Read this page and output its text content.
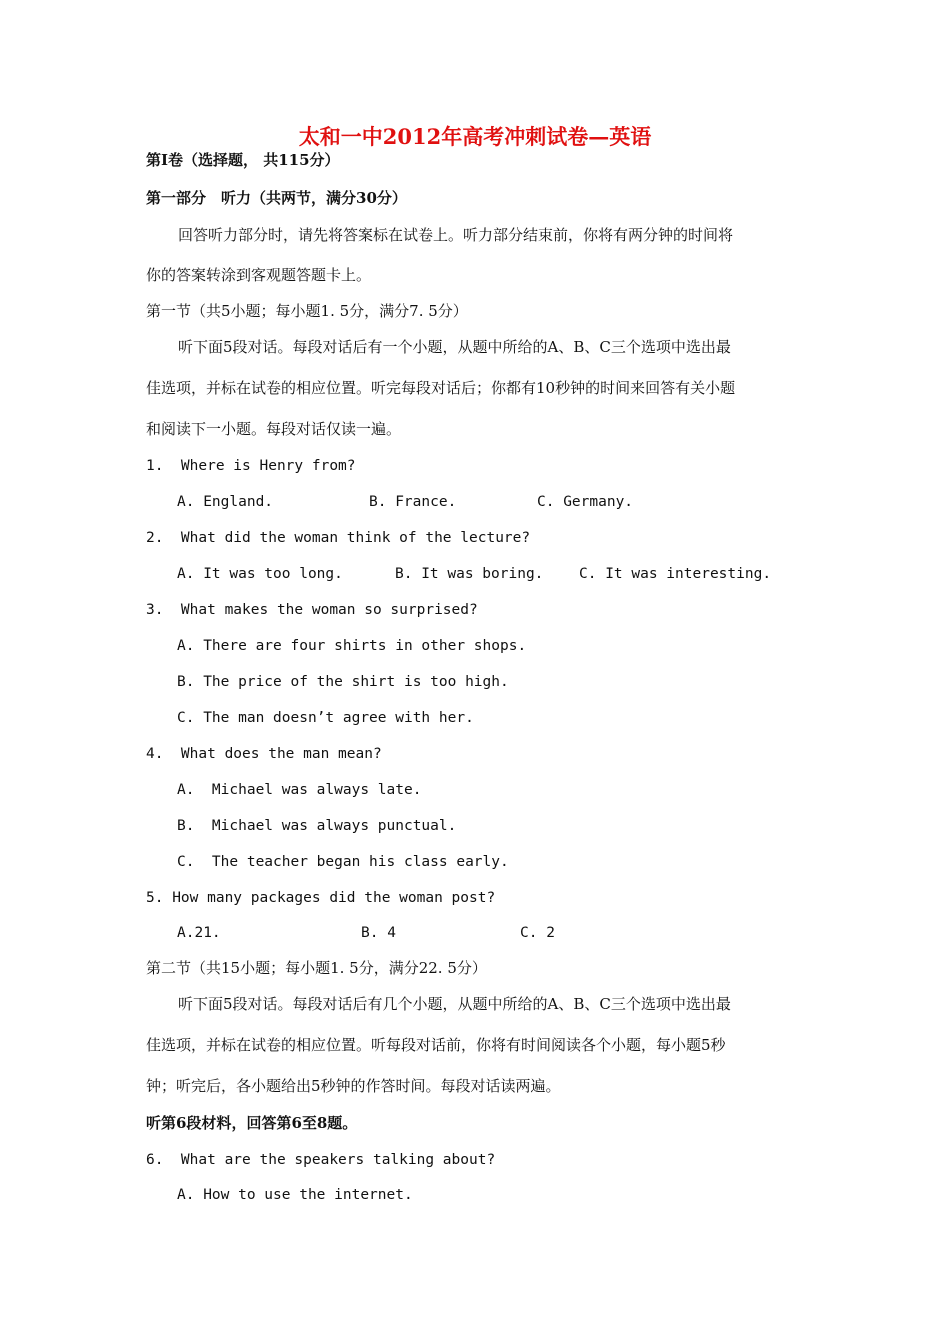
太和一中2012年高考冲刺试卷—英语
第Ⅰ卷（选择题， 共115分）
第一部分　听力（共两节，满分30分）
回答听力部分时，请先将答案标在试卷上。听力部分结束前，你将有两分钟的时间将
你的答案转涂到客观题答题卡上。
第一节（共5小题；每小题1. 5分，满分7. 5分）
听下面5段对话。每段对话后有一个小题，从题中所给的A、B、C三个选项中选出最
佳选项，并标在试卷的相应位置。听完每段对话后；你都有10秒钟的时间来回答有关小题
和阅读下一小题。每段对话仅读一遍。
1.  Where is Henry from?
A. England.	B. France.	C. Germany.
2.  What did the woman think of the lecture?
A. It was too long.	B. It was boring. C. It was interesting.
3.  What makes the woman so surprised?
A. There are four shirts in other shops.
B. The price of the shirt is too high.
C. The man doesn’t agree with her.
4.  What does the man mean?
A.  Michael was always late.
B.  Michael was always punctual.
C.  The teacher began his class early.
5. How many packages did the woman post?
A.21.	B. 4	C. 2
第二节（共15小题；每小题1. 5分，满分22. 5分）
听下面5段对话。每段对话后有几个小题，从题中所给的A、B、C三个选项中选出最
佳选项，并标在试卷的相应位置。听每段对话前，你将有时间阅读各个小题，每小题5秒
钟；听完后，各小题给出5秒钟的作答时间。每段对话读两遍。
听第6段材料，回答第6至8题。
6.  What are the speakers talking about?
A. How to use the internet.
